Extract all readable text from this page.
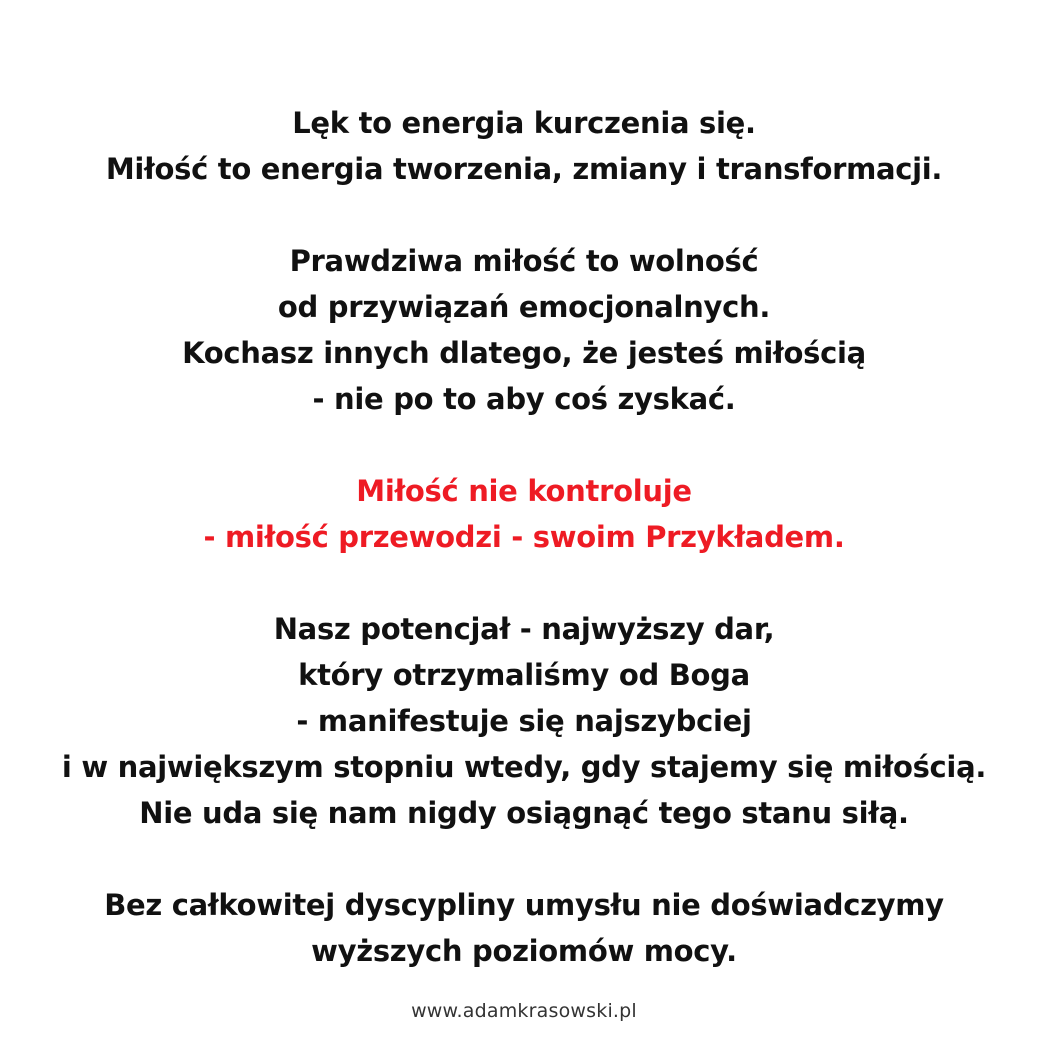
Lęk to energia kurczenia się.
Miłość to energia tworzenia, zmiany i transformacji.
Prawdziwa miłość to wolność
od przywiązań emocjonalnych.
Kochasz innych dlatego, że jesteś miłością
- nie po to aby coś zyskać.
Miłość nie kontroluje
- miłość przewodzi - swoim Przykładem.
Nasz potencjał - najwyższy dar,
który otrzymaliśmy od Boga
- manifestuje się najszybciej
i w największym stopniu wtedy, gdy stajemy się miłością.
Nie uda się nam nigdy osiągnąć tego stanu siłą.
Bez całkowitej dyscypliny umysłu nie doświadczymy
wyższych poziomów mocy.
www.adamkrasowski.pl
